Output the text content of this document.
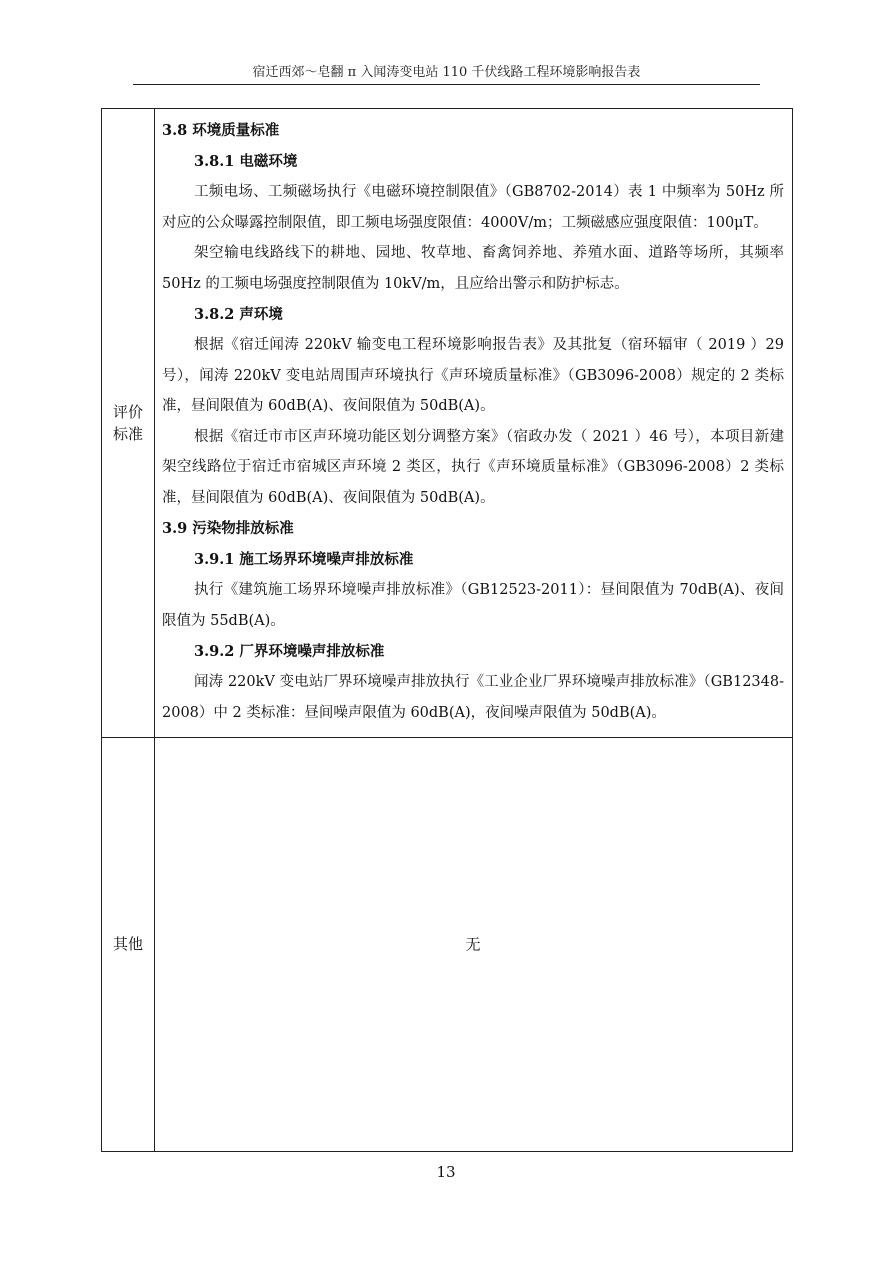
宿迁西郊～皂翻 π 入闻涛变电站 110 千伏线路工程环境影响报告表
评价标准

3.8 环境质量标准

3.8.1 电磁环境

工频电场、工频磁场执行《电磁环境控制限值》（GB8702-2014）表 1 中频率为 50Hz 所对应的公众曝露控制限值，即工频电场强度限值：4000V/m；工频磁感应强度限值：100μT。

架空输电线路线下的耕地、园地、牧草地、畜禽饲养地、养殖水面、道路等场所，其频率 50Hz 的工频电场强度控制限值为 10kV/m，且应给出警示和防护标志。

3.8.2 声环境

根据《宿迁闻涛 220kV 输变电工程环境影响报告表》及其批复（宿环辐审（ 2019 ）29 号），闻涛 220kV 变电站周围声环境执行《声环境质量标准》（GB3096-2008）规定的 2 类标准，昼间限值为 60dB(A)、夜间限值为 50dB(A)。

根据《宿迁市市区声环境功能区划分调整方案》（宿政办发（ 2021 ）46 号），本项目新建架空线路位于宿迁市宿城区声环境 2 类区，执行《声环境质量标准》（GB3096-2008）2 类标准，昼间限值为 60dB(A)、夜间限值为 50dB(A)。

3.9 污染物排放标准

3.9.1 施工场界环境噪声排放标准

执行《建筑施工场界环境噪声排放标准》（GB12523-2011）：昼间限值为 70dB(A)、夜间限值为 55dB(A)。

3.9.2 厂界环境噪声排放标准

闻涛 220kV 变电站厂界环境噪声排放执行《工业企业厂界环境噪声排放标准》（GB12348-2008）中 2 类标准：昼间噪声限值为 60dB(A)，夜间噪声限值为 50dB(A)。

其他	无
13
